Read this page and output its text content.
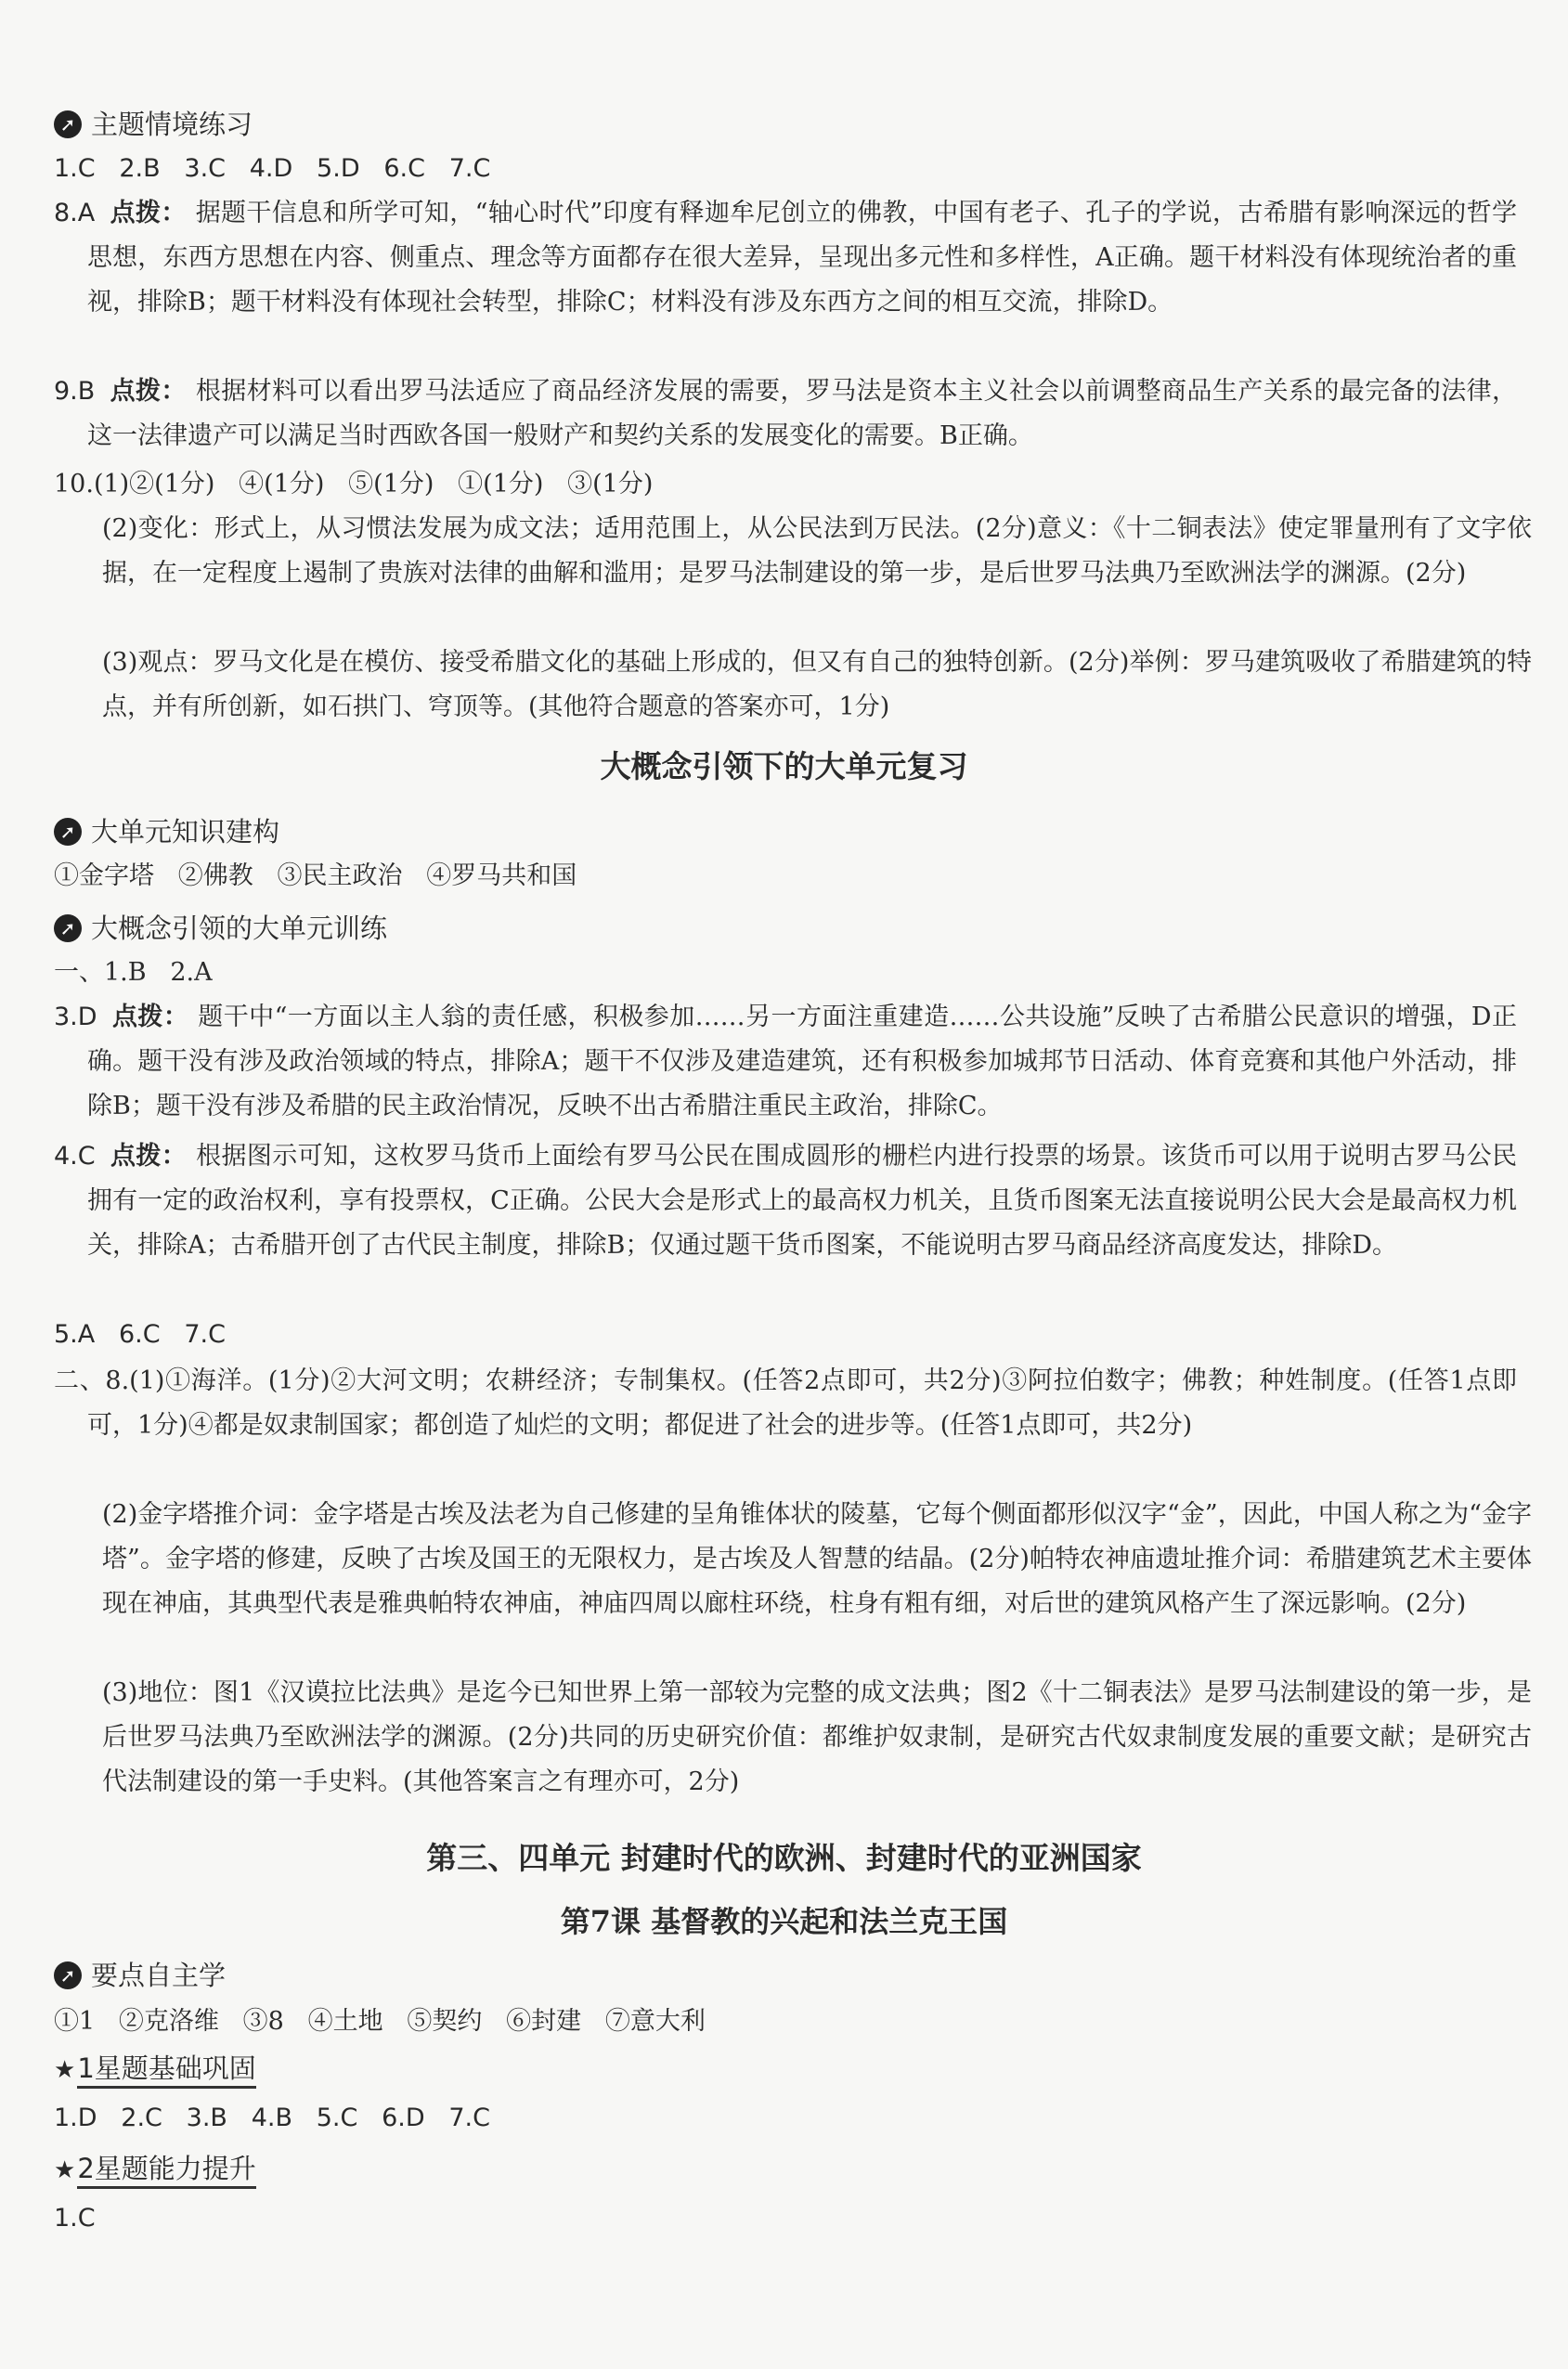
➚ 主题情境练习
1.C   2.B   3.C   4.D   5.D   6.C   7.C
8.A 点拨： 据题干信息和所学可知，“轴心时代”印度有释迦牟尼创立的佛教，中国有老子、孔子的学说，古希腊有影响深远的哲学思想，东西方思想在内容、侧重点、理念等方面都存在很大差异，呈现出多元性和多样性，A正确。题干材料没有体现统治者的重视，排除B；题干材料没有体现社会转型，排除C；材料没有涉及东西方之间的相互交流，排除D。
9.B 点拨： 根据材料可以看出罗马法适应了商品经济发展的需要，罗马法是资本主义社会以前调整商品生产关系的最完备的法律，这一法律遗产可以满足当时西欧各国一般财产和契约关系的发展变化的需要。B正确。
10.(1)②(1分)   ④(1分)   ⑤(1分)   ①(1分)   ③(1分)
(2)变化：形式上，从习惯法发展为成文法；适用范围上，从公民法到万民法。(2分)意义：《十二铜表法》使定罪量刑有了文字依据，在一定程度上遏制了贵族对法律的曲解和滥用；是罗马法制建设的第一步，是后世罗马法典乃至欧洲法学的渊源。(2分)
(3)观点：罗马文化是在模仿、接受希腊文化的基础上形成的，但又有自己的独特创新。(2分)举例：罗马建筑吸收了希腊建筑的特点，并有所创新，如石拱门、穹顶等。(其他符合题意的答案亦可，1分)
大概念引领下的大单元复习
➚ 大单元知识建构
①金字塔   ②佛教   ③民主政治   ④罗马共和国
➚ 大概念引领的大单元训练
一、1.B   2.A
3.D 点拨： 题干中“一方面以主人翁的责任感，积极参加……另一方面注重建造……公共设施”反映了古希腊公民意识的增强，D正确。题干没有涉及政治领域的特点，排除A；题干不仅涉及建造建筑，还有积极参加城邦节日活动、体育竞赛和其他户外活动，排除B；题干没有涉及希腊的民主政治情况，反映不出古希腊注重民主政治，排除C。
4.C 点拨： 根据图示可知，这枚罗马货币上面绘有罗马公民在围成圆形的栅栏内进行投票的场景。该货币可以用于说明古罗马公民拥有一定的政治权利，享有投票权，C正确。公民大会是形式上的最高权力机关，且货币图案无法直接说明公民大会是最高权力机关，排除A；古希腊开创了古代民主制度，排除B；仅通过题干货币图案，不能说明古罗马商品经济高度发达，排除D。
5.A   6.C   7.C
二、8.(1)①海洋。(1分)②大河文明；农耕经济；专制集权。(任答2点即可，共2分)③阿拉伯数字；佛教；种姓制度。(任答1点即可，1分)④都是奴隶制国家；都创造了灿烂的文明；都促进了社会的进步等。(任答1点即可，共2分)
(2)金字塔推介词：金字塔是古埃及法老为自己修建的呈角锥体状的陵墓，它每个侧面都形似汉字“金”，因此，中国人称之为“金字塔”。金字塔的修建，反映了古埃及国王的无限权力，是古埃及人智慧的结晶。(2分)帕特农神庙遗址推介词：希腊建筑艺术主要体现在神庙，其典型代表是雅典帕特农神庙，神庙四周以廊柱环绕，柱身有粗有细，对后世的建筑风格产生了深远影响。(2分)
(3)地位：图1《汉谟拉比法典》是迄今已知世界上第一部较为完整的成文法典；图2《十二铜表法》是罗马法制建设的第一步，是后世罗马法典乃至欧洲法学的渊源。(2分)共同的历史研究价值：都维护奴隶制，是研究古代奴隶制度发展的重要文献；是研究古代法制建设的第一手史料。(其他答案言之有理亦可，2分)
第三、四单元 封建时代的欧洲、封建时代的亚洲国家
第7课 基督教的兴起和法兰克王国
➚ 要点自主学
①1   ②克洛维   ③8   ④土地   ⑤契约   ⑥封建   ⑦意大利
★1星题基础巩固
1.D   2.C   3.B   4.B   5.C   6.D   7.C
★2星题能力提升
1.C
